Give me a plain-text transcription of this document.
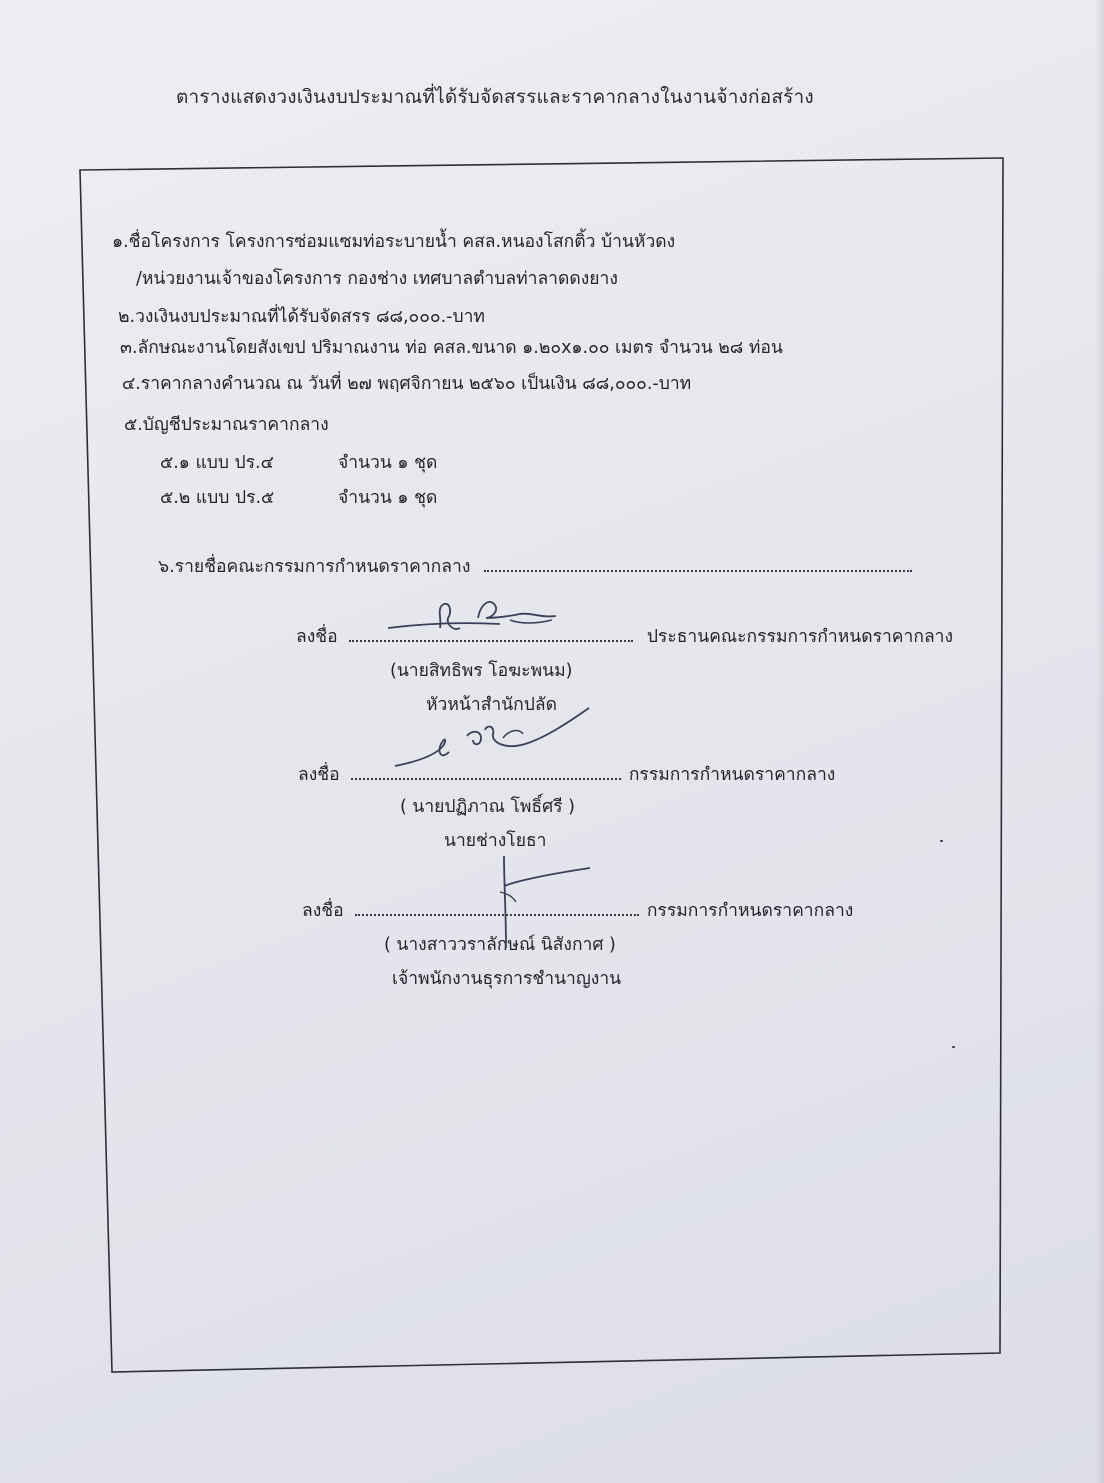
ตารางแสดงวงเงินงบประมาณที่ได้รับจัดสรรและราคากลางในงานจ้างก่อสร้าง
๑.ชื่อโครงการ โครงการซ่อมแซมท่อระบายน้ำ คสล.หนองโสกติ้ว บ้านหัวดง
/หน่วยงานเจ้าของโครงการ กองช่าง เทศบาลตำบลท่าลาดดงยาง
๒.วงเงินงบประมาณที่ได้รับจัดสรร ๘๘,๐๐๐.-บาท
๓.ลักษณะงานโดยสังเขป ปริมาณงาน ท่อ คสล.ขนาด ๑.๒๐x๑.๐๐ เมตร จำนวน ๒๘ ท่อน
๔.ราคากลางคำนวณ ณ วันที่ ๒๗ พฤศจิกายน ๒๕๖๐ เป็นเงิน ๘๘,๐๐๐.-บาท
๕.บัญชีประมาณราคากลาง
๕.๑ แบบ ปร.๔	จำนวน ๑ ชุด
๕.๒ แบบ ปร.๕	จำนวน ๑ ชุด
๖.รายชื่อคณะกรรมการกำหนดราคากลาง
ลงชื่อ	ประธานคณะกรรมการกำหนดราคากลาง
(นายสิทธิพร โอฆะพนม)
หัวหน้าสำนักปลัด
ลงชื่อ	กรรมการกำหนดราคากลาง
( นายปฏิภาณ โพธิ์ศรี )
นายช่างโยธา
ลงชื่อ	กรรมการกำหนดราคากลาง
( นางสาววราลักษณ์ นิสังกาศ )
เจ้าพนักงานธุรการชำนาญงาน
